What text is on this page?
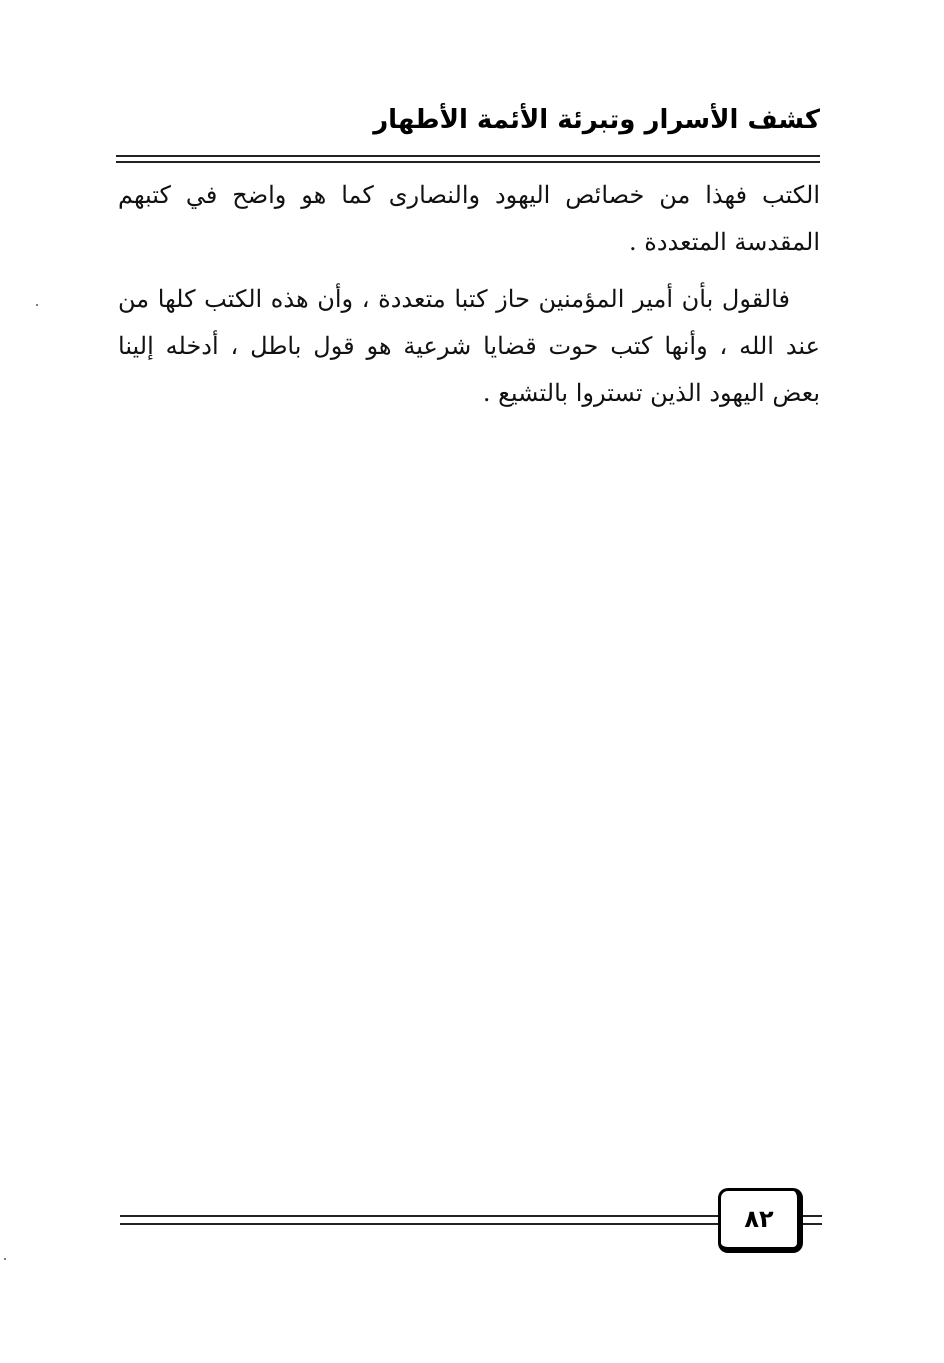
كشف الأسرار وتبرئة الأئمة الأطهار

الكتب فهذا من خصائص اليهود والنصارى كما هو واضح في كتبهم المقدسة المتعددة .

فالقول بأن أمير المؤمنين حاز كتبا متعددة ، وأن هذه الكتب كلها من عند الله ، وأنها كتب حوت قضايا شرعية هو قول باطل ، أدخله إلينا بعض اليهود الذين تستروا بالتشيع .

٨٢
